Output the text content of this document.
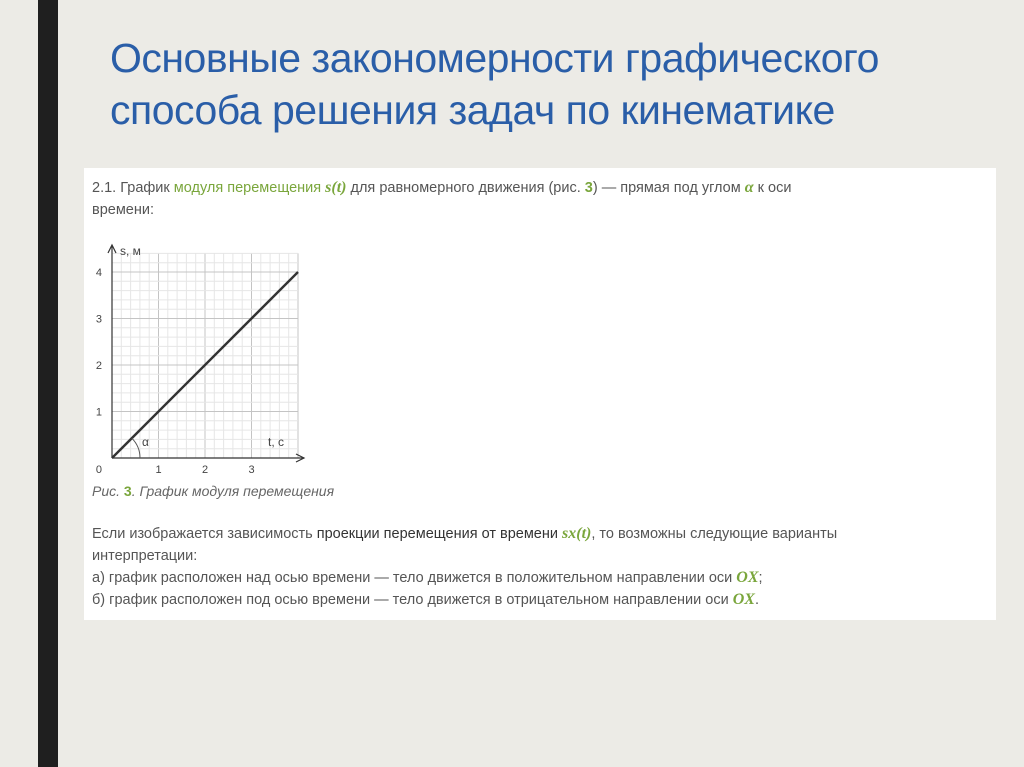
Основные закономерности графического
способа решения задач по кинематике
2.1. График модуля перемещения s(t) для равномерного движения (рис. 3) — прямая под углом α к оси
времени:
1
2
3
4
1	2	3
0
s, м
t, c
α
Рис. 3. График модуля перемещения
Если изображается зависимость проекции перемещения от времени sx(t), то возможны следующие варианты
интерпретации:
а) график расположен над осью времени — тело движется в положительном направлении оси OX;
б) график расположен под осью времени — тело движется в отрицательном направлении оси OX.
